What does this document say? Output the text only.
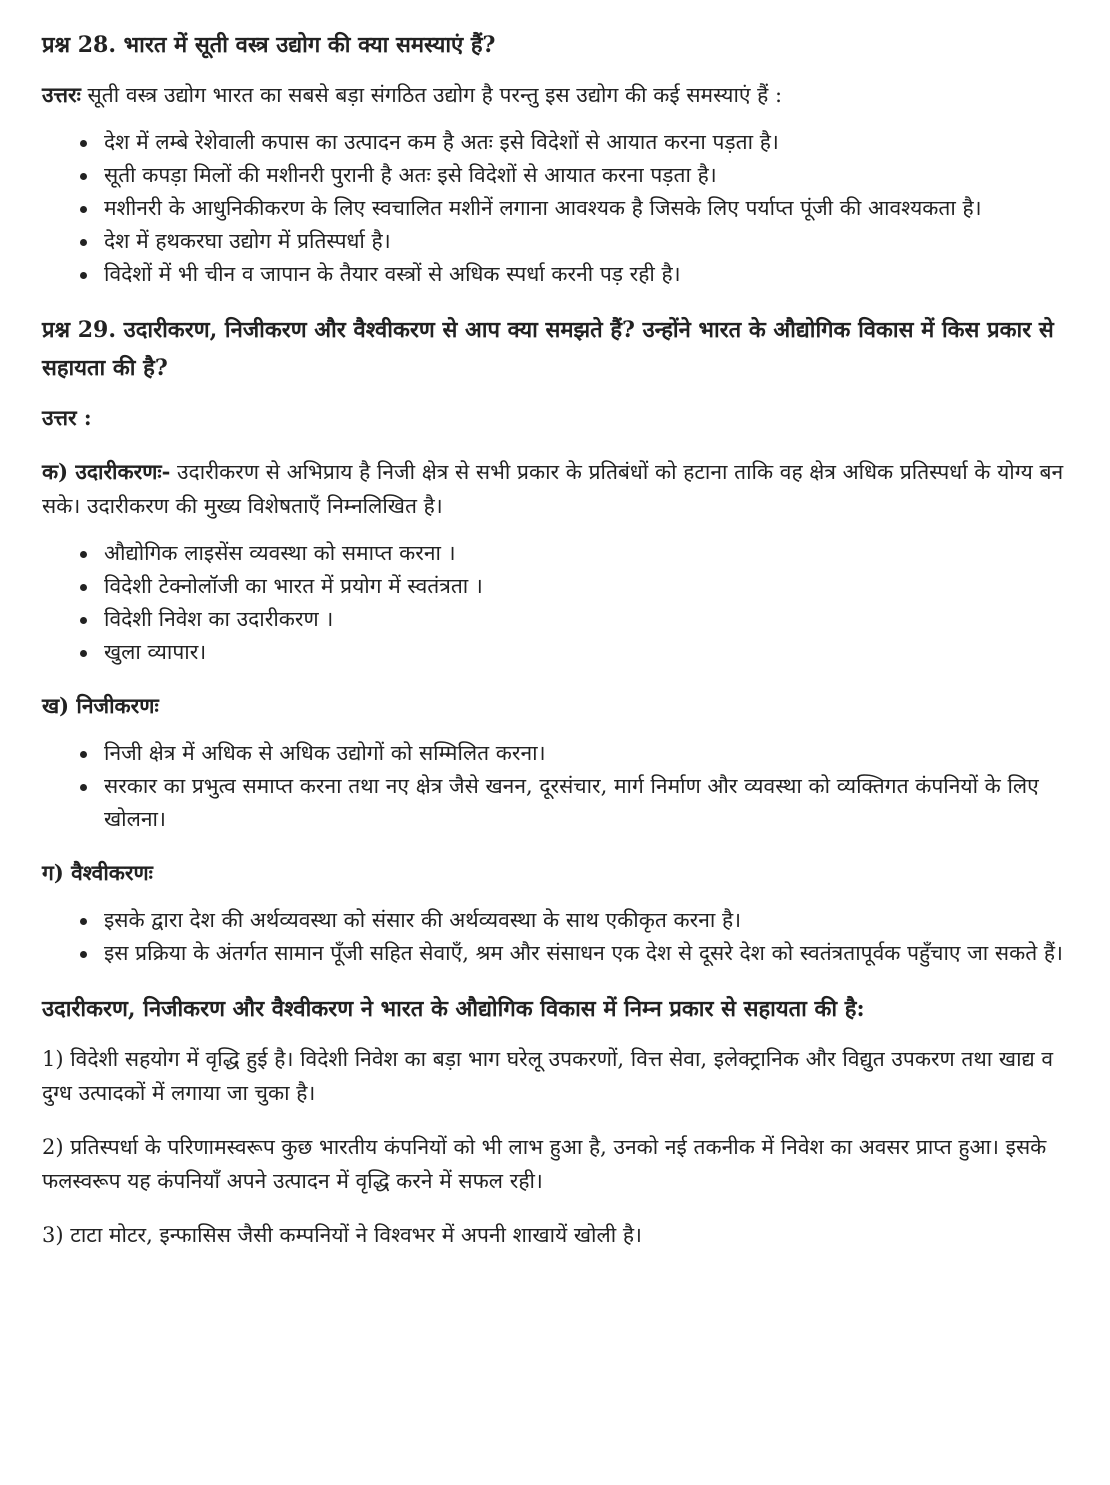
प्रश्न 28. भारत में सूती वस्त्र उद्योग की क्या समस्याएं हैं?

उत्तरः सूती वस्त्र उद्योग भारत का सबसे बड़ा संगठित उद्योग है परन्तु इस उद्योग की कई समस्याएं हैं :

देश में लम्बे रेशेवाली कपास का उत्पादन कम है अतः इसे विदेशों से आयात करना पड़ता है।
सूती कपड़ा मिलों की मशीनरी पुरानी है अतः इसे विदेशों से आयात करना पड़ता है।
मशीनरी के आधुनिकीकरण के लिए स्वचालित मशीनें लगाना आवश्यक है जिसके लिए पर्याप्त पूंजी की आवश्यकता है।
देश में हथकरघा उद्योग में प्रतिस्पर्धा है।
विदेशों में भी चीन व जापान के तैयार वस्त्रों से अधिक स्पर्धा करनी पड़ रही है।

प्रश्न 29. उदारीकरण, निजीकरण और वैश्वीकरण से आप क्या समझते हैं? उन्होंने भारत के औद्योगिक विकास में किस प्रकार से सहायता की है?

उत्तर :

क) उदारीकरणः- उदारीकरण से अभिप्राय है निजी क्षेत्र से सभी प्रकार के प्रतिबंधों को हटाना ताकि वह क्षेत्र अधिक प्रतिस्पर्धा के योग्य बन सके। उदारीकरण की मुख्य विशेषताएँ निम्नलिखित है।

औद्योगिक लाइसेंस व्यवस्था को समाप्त करना ।
विदेशी टेक्नोलॉजी का भारत में प्रयोग में स्वतंत्रता ।
विदेशी निवेश का उदारीकरण ।
खुला व्यापार।

ख) निजीकरणः

निजी क्षेत्र में अधिक से अधिक उद्योगों को सम्मिलित करना।
सरकार का प्रभुत्व समाप्त करना तथा नए क्षेत्र जैसे खनन, दूरसंचार, मार्ग निर्माण और व्यवस्था को व्यक्तिगत कंपनियों के लिए खोलना।

ग) वैश्वीकरणः

इसके द्वारा देश की अर्थव्यवस्था को संसार की अर्थव्यवस्था के साथ एकीकृत करना है।
इस प्रक्रिया के अंतर्गत सामान पूँजी सहित सेवाएँ, श्रम और संसाधन एक देश से दूसरे देश को स्वतंत्रतापूर्वक पहुँचाए जा सकते हैं।

उदारीकरण, निजीकरण और वैश्वीकरण ने भारत के औद्योगिक विकास में निम्न प्रकार से सहायता की है:

1) विदेशी सहयोग में वृद्धि हुई है। विदेशी निवेश का बड़ा भाग घरेलू उपकरणों, वित्त सेवा, इलेक्ट्रानिक और विद्युत उपकरण तथा खाद्य व दुग्ध उत्पादकों में लगाया जा चुका है।

2) प्रतिस्पर्धा के परिणामस्वरूप कुछ भारतीय कंपनियों को भी लाभ हुआ है, उनको नई तकनीक में निवेश का अवसर प्राप्त हुआ। इसके फलस्वरूप यह कंपनियाँ अपने उत्पादन में वृद्धि करने में सफल रही।

3) टाटा मोटर, इन्फासिस जैसी कम्पनियों ने विश्वभर में अपनी शाखायें खोली है।
